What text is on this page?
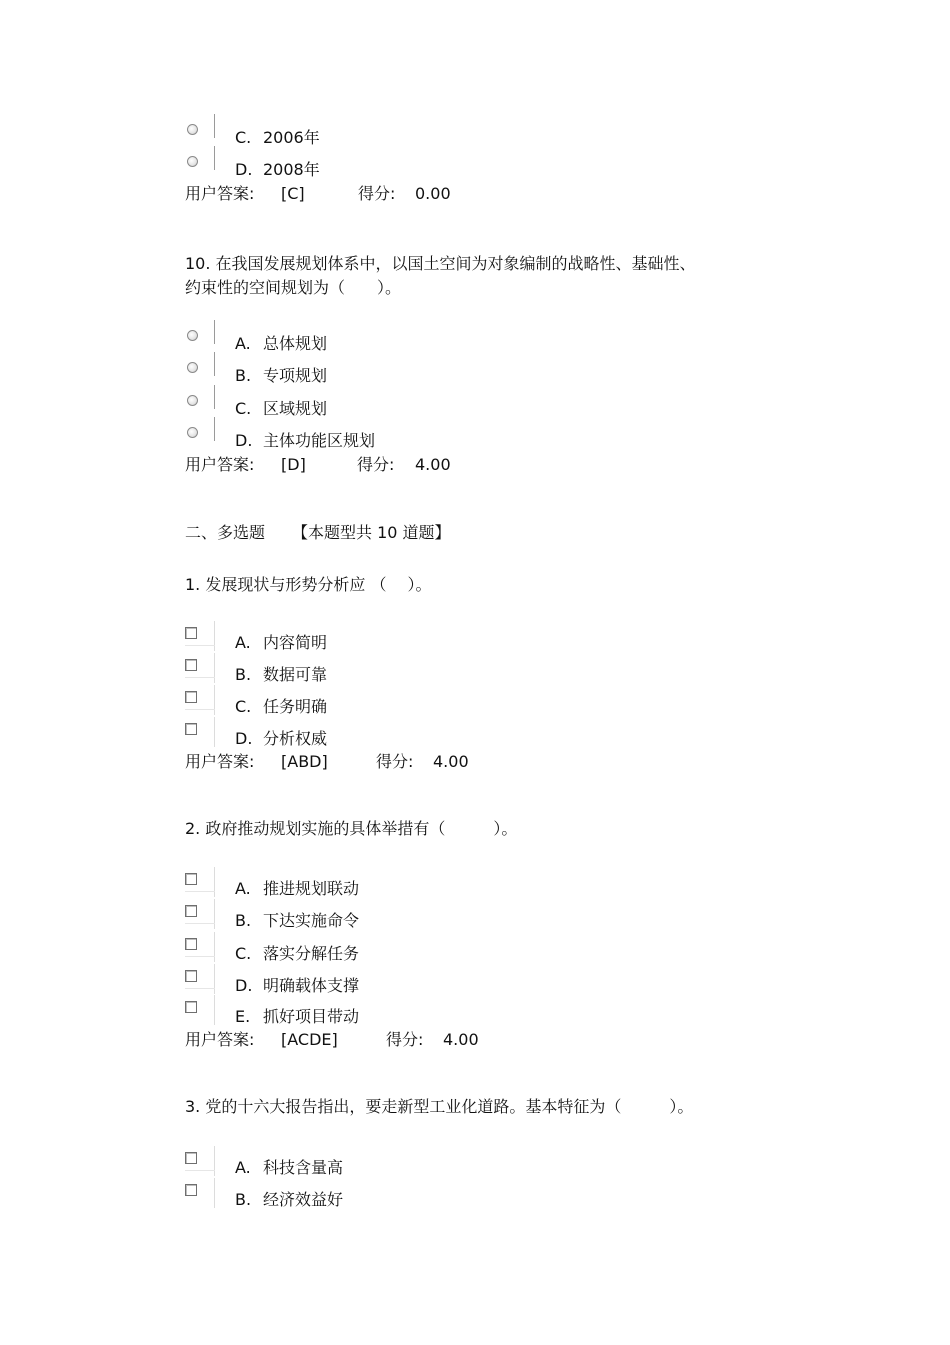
C. 2006年
D. 2008年
用户答案: [C]	得分: 0.00
10. 在我国发展规划体系中，以国土空间为对象编制的战略性、基础性、
约束性的空间规划为（　　）。
A. 总体规划
B. 专项规划
C. 区域规划
D. 主体功能区规划
用户答案: [D]	得分: 4.00
二、多选题 【本题型共 10 道题】
1. 发展现状与形势分析应 （　 ）。
A. 内容简明
B. 数据可靠
C. 任务明确
D. 分析权威
用户答案: [ABD]	得分: 4.00
2. 政府推动规划实施的具体举措有（　　　）。
A. 推进规划联动
B. 下达实施命令
C. 落实分解任务
D. 明确载体支撑
E. 抓好项目带动
用户答案: [ACDE]	得分: 4.00
3. 党的十六大报告指出，要走新型工业化道路。基本特征为（　　　）。
A. 科技含量高
B. 经济效益好
